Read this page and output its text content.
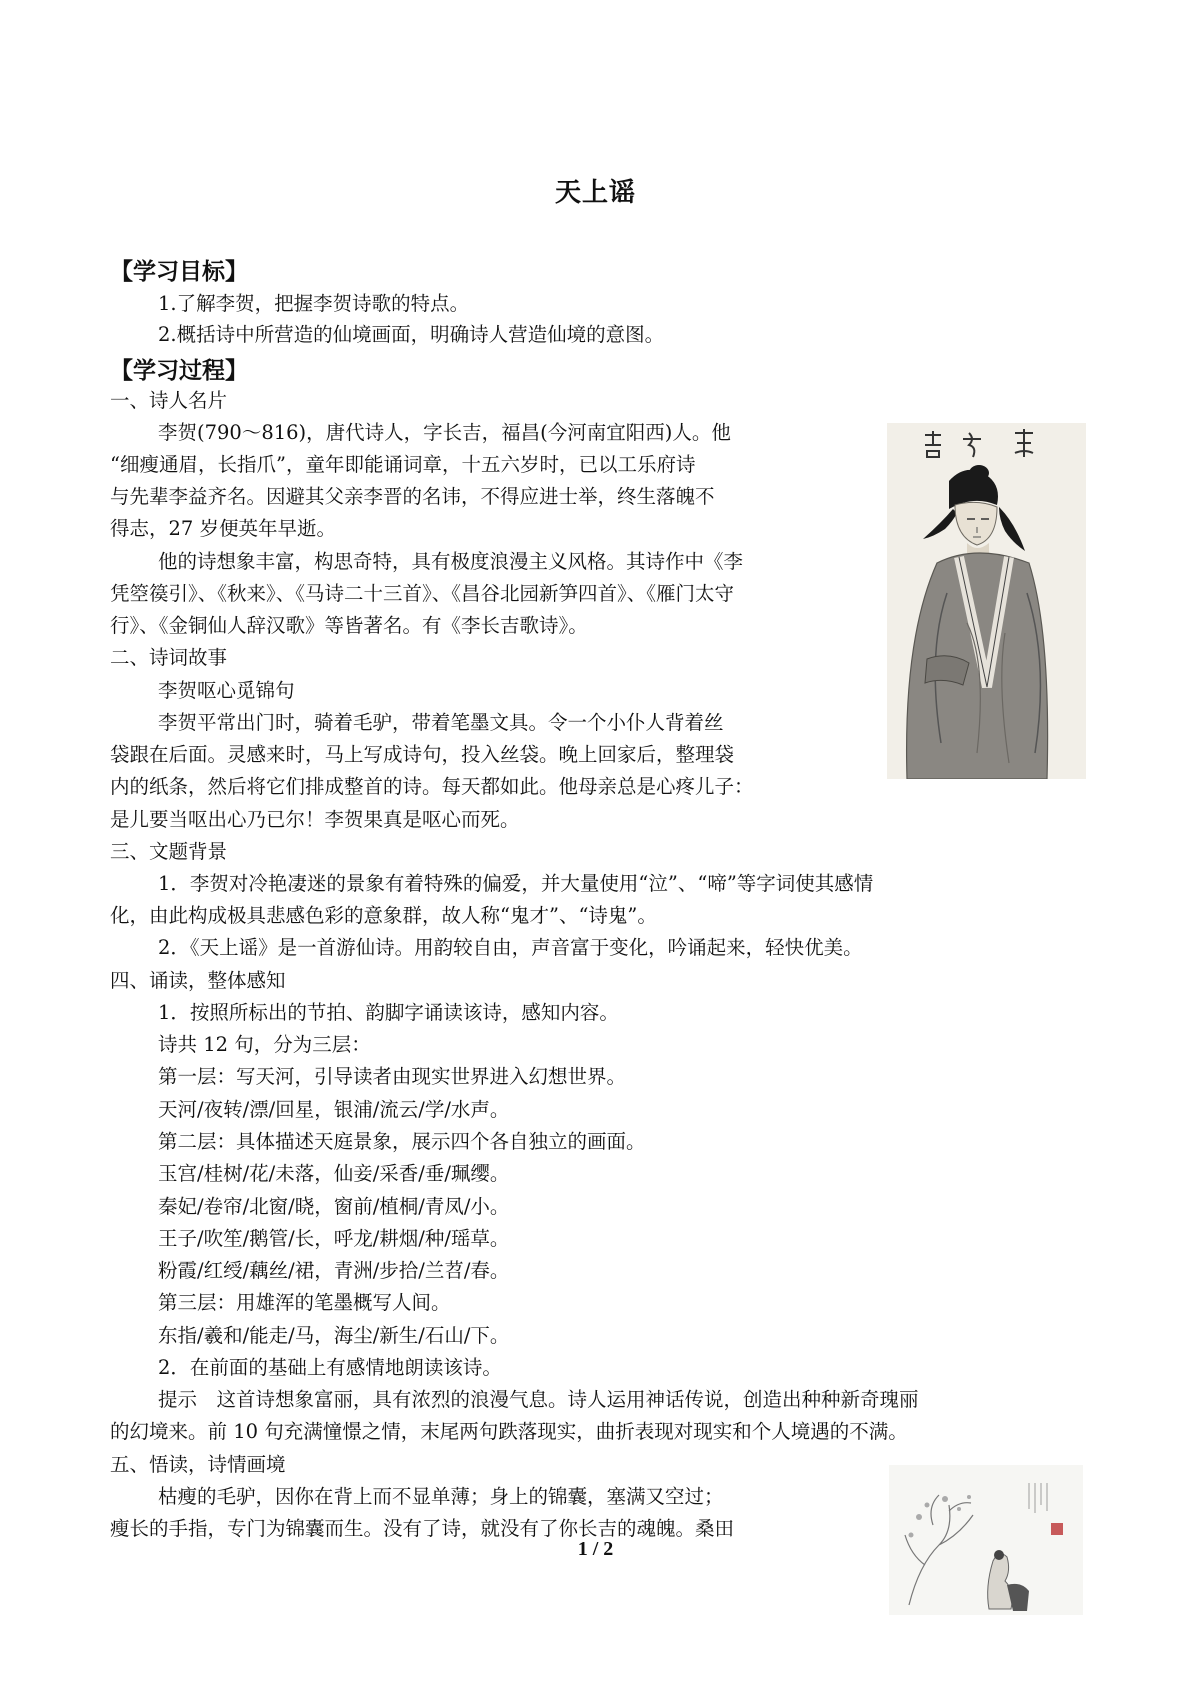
天上谣
【学习目标】
1.了解李贺，把握李贺诗歌的特点。
2.概括诗中所营造的仙境画面，明确诗人营造仙境的意图。
【学习过程】
一、诗人名片
李贺(790～816)，唐代诗人，字长吉，福昌(今河南宜阳西)人。他
“细瘦通眉，长指爪”，童年即能诵词章，十五六岁时，已以工乐府诗
与先辈李益齐名。因避其父亲李晋的名讳，不得应进士举，终生落魄不
得志，27 岁便英年早逝。
他的诗想象丰富，构思奇特，具有极度浪漫主义风格。其诗作中《李
凭箜篌引》、《秋来》、《马诗二十三首》、《昌谷北园新笋四首》、《雁门太守
行》、《金铜仙人辞汉歌》等皆著名。有《李长吉歌诗》。
二、诗词故事
李贺呕心觅锦句
李贺平常出门时，骑着毛驴，带着笔墨文具。令一个小仆人背着丝
袋跟在后面。灵感来时，马上写成诗句，投入丝袋。晚上回家后，整理袋
内的纸条，然后将它们排成整首的诗。每天都如此。他母亲总是心疼儿子：
是儿要当呕出心乃已尔！李贺果真是呕心而死。
三、文题背景
1．李贺对冷艳凄迷的景象有着特殊的偏爱，并大量使用“泣”、“啼”等字词使其感情
化，由此构成极具悲感色彩的意象群，故人称“鬼才”、“诗鬼”。
2．《天上谣》是一首游仙诗。用韵较自由，声音富于变化，吟诵起来，轻快优美。
四、诵读，整体感知
1．按照所标出的节拍、韵脚字诵读该诗，感知内容。
诗共 12 句，分为三层：
第一层：写天河，引导读者由现实世界进入幻想世界。
天河/夜转/漂/回星，银浦/流云/学/水声。
第二层：具体描述天庭景象，展示四个各自独立的画面。
玉宫/桂树/花/未落，仙妾/采香/垂/珮缨。
秦妃/卷帘/北窗/晓，窗前/植桐/青凤/小。
王子/吹笙/鹅管/长，呼龙/耕烟/种/瑶草。
粉霞/红绶/藕丝/裙，青洲/步拾/兰苕/春。
第三层：用雄浑的笔墨概写人间。
东指/羲和/能走/马，海尘/新生/石山/下。
2．在前面的基础上有感情地朗读该诗。
提示　这首诗想象富丽，具有浓烈的浪漫气息。诗人运用神话传说，创造出种种新奇瑰丽
的幻境来。前 10 句充满憧憬之情，末尾两句跌落现实，曲折表现对现实和个人境遇的不满。
五、悟读，诗情画境
枯瘦的毛驴，因你在背上而不显单薄；身上的锦囊，塞满又空过；
瘦长的手指，专门为锦囊而生。没有了诗，就没有了你长吉的魂魄。桑田
1 / 2
